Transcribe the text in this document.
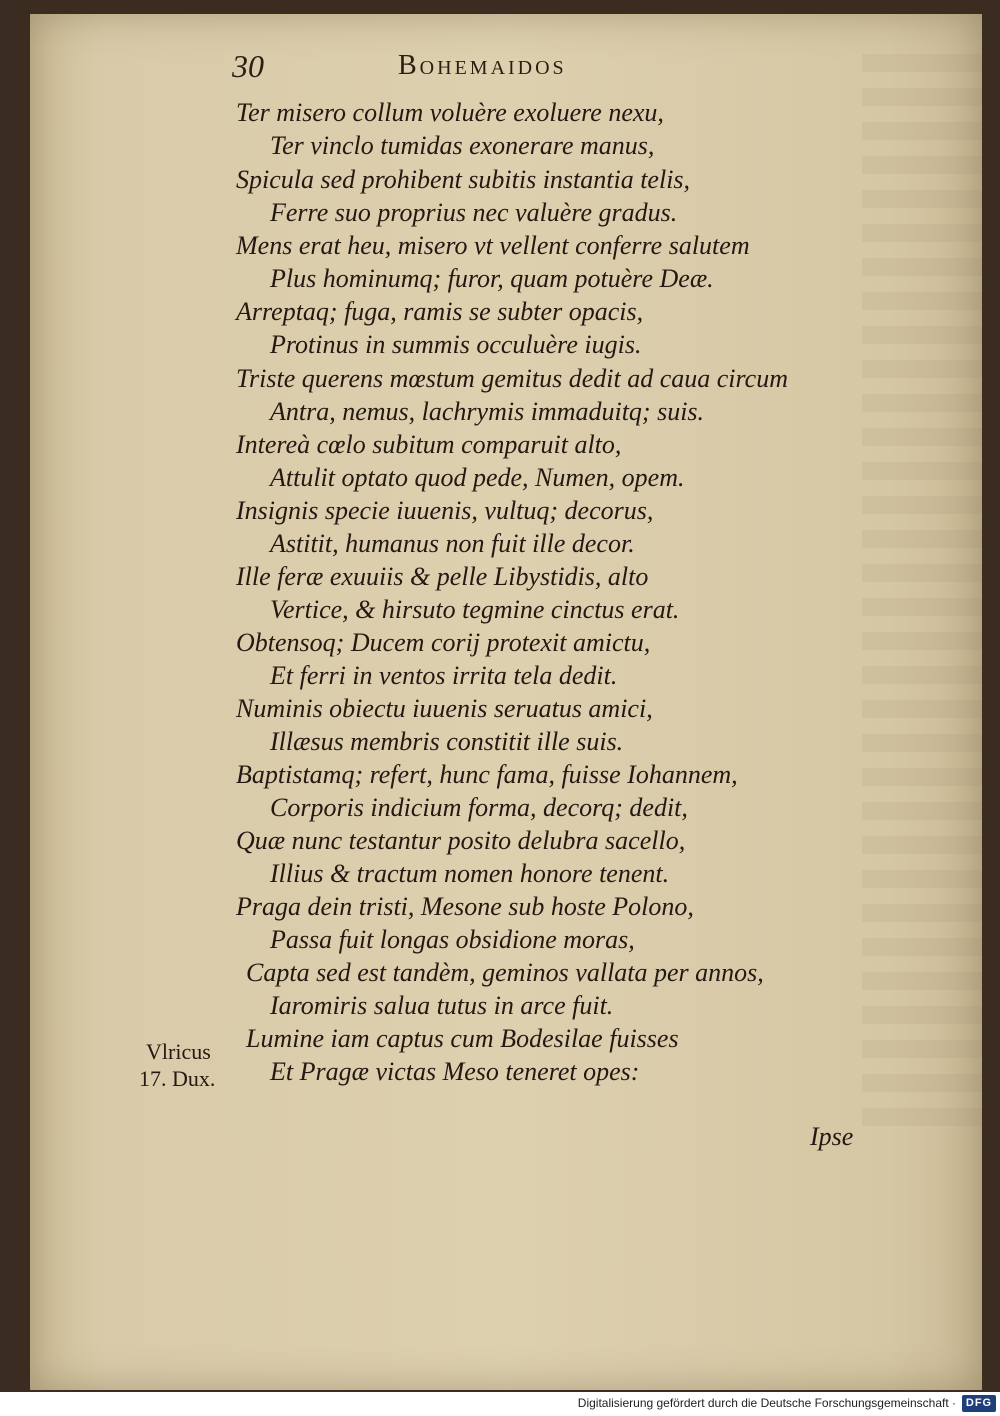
30	Bohemaidos
Ter misero collum voluère exoluere nexu,
Ter vinclo tumidas exonerare manus,
Spicula sed prohibent subitis instantia telis,
Ferre suo proprius nec valuère gradus.
Mens erat heu, misero vt vellent conferre salutem
Plus hominumq; furor, quam potuère Deæ.
Arreptaq; fuga, ramis se subter opacis,
Protinus in summis occuluère iugis.
Triste querens mœstum gemitus dedit ad caua circum
Antra, nemus, lachrymis immaduitq; suis.
Intereà cœlo subitum comparuit alto,
Attulit optato quod pede, Numen, opem.
Insignis specie iuuenis, vultuq; decorus,
Astitit, humanus non fuit ille decor.
Ille feræ exuuiis & pelle Libystidis, alto
Vertice, & hirsuto tegmine cinctus erat.
Obtensoq; Ducem corij protexit amictu,
Et ferri in ventos irrita tela dedit.
Numinis obiectu iuuenis seruatus amici,
Illæsus membris constitit ille suis.
Baptistamq; refert, hunc fama, fuisse Iohannem,
Corporis indicium forma, decorq; dedit,
Quæ nunc testantur posito delubra sacello,
Illius & tractum nomen honore tenent.
Praga dein tristi, Mesone sub hoste Polono,
Passa fuit longas obsidione moras,
Capta sed est tandèm, geminos vallata per annos,
Iaromiris salua tutus in arce fuit.
Lumine iam captus cum Bodesilae fuisses
Et Pragæ victas Meso teneret opes:
Vlricus
17. Dux.
Ipse
Digitalisierung gefördert durch die Deutsche Forschungsgemeinschaft · DFG
